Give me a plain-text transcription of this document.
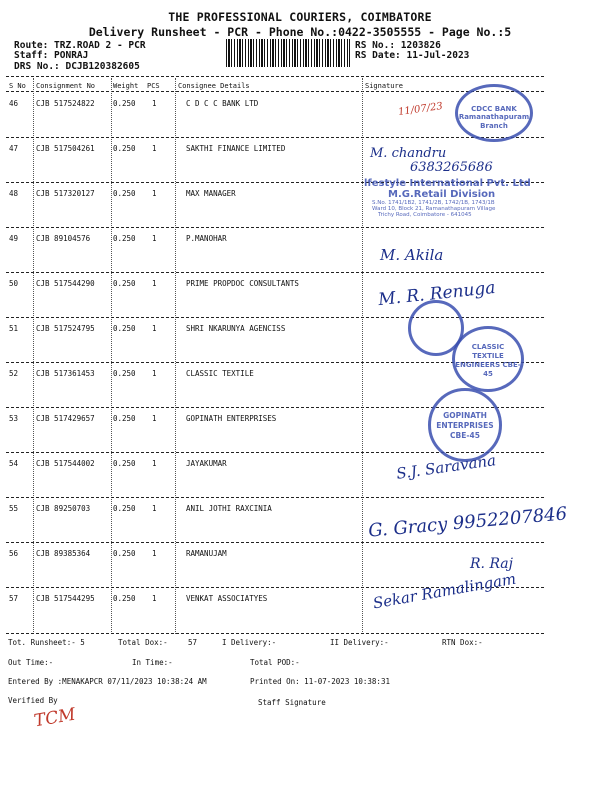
THE PROFESSIONAL COURIERS, COIMBATORE
Delivery Runsheet - PCR - Phone No.:0422-3505555 - Page No.:5
Route: TRZ.ROAD 2 - PCR
Staff: PONRAJ
DRS No.: DCJB120382605
RS No.: 1203826
RS Date: 11-Jul-2023
S No Consignment No	Weight PCS	Consignee Details	Signature
46 CJB 517524822 0.250 1	C D C C BANK LTD
47 CJB 517504261 0.250 1	SAKTHI FINANCE LIMITED
48 CJB 517320127 0.250 1	MAX MANAGER
49 CJB 89104576	0.250 1	P.MANOHAR
50 CJB 517544290 0.250 1	PRIME PROPDOC CONSULTANTS
51 CJB 517524795 0.250 1	SHRI NKARUNYA AGENCISS
52 CJB 517361453 0.250 1	CLASSIC TEXTILE
53 CJB 517429657 0.250 1	GOPINATH ENTERPRISES
54 CJB 517544002 0.250 1	JAYAKUMAR
55 CJB 89250703	0.250 1	ANIL JOTHI RAXCINIA
56 CJB 89385364	0.250 1	RAMANUJAM
57 CJB 517544295 0.250 1	VENKAT ASSOCIATYES
CDCC BANK Ramanathapuram Branch
lfestyle International Pvt. Ltd
M.G.Retail Division
S.No. 1741/1B2, 1741/2B, 1742/1B, 1743/1B
Ward 10, Block 21, Ramanathapuram Village
Trichy Road, Coimbatore - 641045
CLASSIC TEXTILE ENGINEERS CBE-45
GOPINATH ENTERPRISES CBE-45
11/07/23
M. chandru
6383265686
M. Akila
M. R. Renuga
S.J. Saravana
G. Gracy 9952207846
R. Raj
Sekar Ramalingam
Tot. Runsheet:- 5	Total Dox:-	57	I Delivery:-	II Delivery:-	RTN Dox:-
Out Time:-	In Time:-	Total POD:-
Entered By :MENAKAPCR 07/11/2023 10:38:24 AM	Printed On: 11-07-2023 10:38:31
Verified By	Staff Signature
TCM
